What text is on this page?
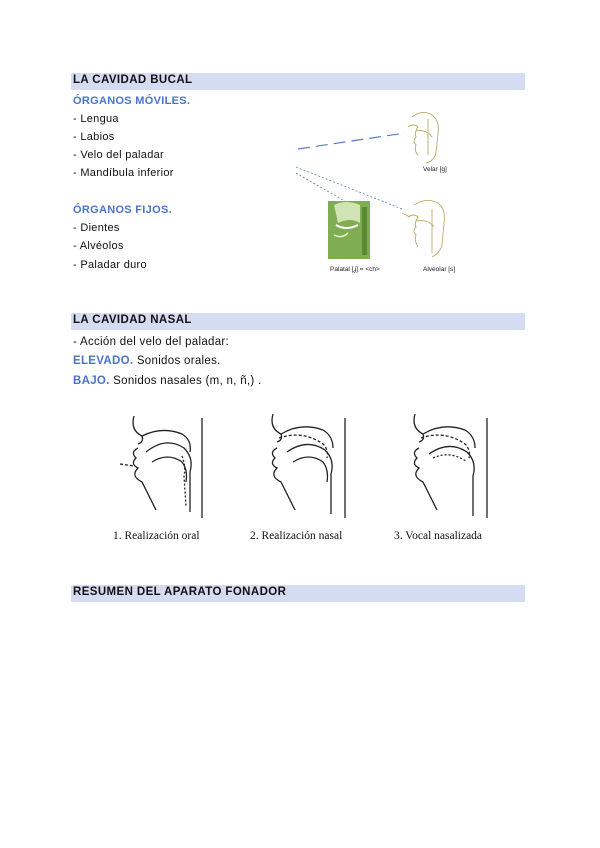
LA CAVIDAD BUCAL
ÓRGANOS MÓVILES.
- Lengua
- Labios
- Velo del paladar
- Mandíbula inferior
ÓRGANOS FIJOS.
- Dientes
- Alvéolos
- Paladar duro
Velar [g]
Palatal [ʝ] = <ch>	Alveolar [s]
LA CAVIDAD NASAL
- Acción del velo del paladar:
ELEVADO. Sonidos orales.
BAJO. Sonidos nasales (m, n, ñ,) .
1. Realización oral	2. Realización nasal	3. Vocal nasalizada
RESUMEN DEL APARATO FONADOR
